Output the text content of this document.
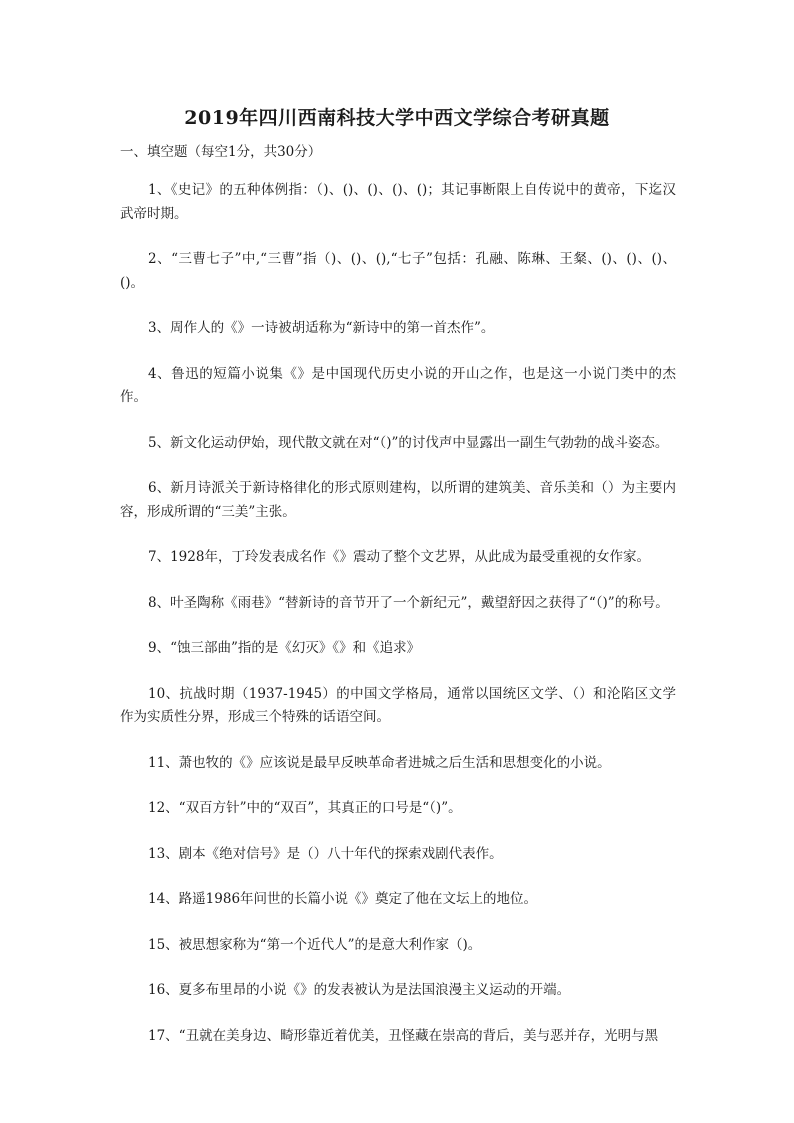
2019年四川西南科技大学中西文学综合考研真题

一、填空题（每空1分，共30分）

1、《史记》的五种体例指：（)、()、()、()、()；其记事断限上自传说中的黄帝，下迄汉武帝时期。

2、“三曹七子”中,“三曹”指（)、()、(),“七子”包括：孔融、陈琳、王粲、()、()、()、()。

3、周作人的《》一诗被胡适称为“新诗中的第一首杰作”。

4、鲁迅的短篇小说集《》是中国现代历史小说的开山之作，也是这一小说门类中的杰作。

5、新文化运动伊始，现代散文就在对“（)”的讨伐声中显露出一副生气勃勃的战斗姿态。

6、新月诗派关于新诗格律化的形式原则建构，以所谓的建筑美、音乐美和（）为主要内容，形成所谓的“三美”主张。

7、1928年，丁玲发表成名作《》震动了整个文艺界，从此成为最受重视的女作家。

8、叶圣陶称《雨巷》“替新诗的音节开了一个新纪元”，戴望舒因之获得了“（)”的称号。

9、“蚀三部曲”指的是《幻灭》《》和《追求》

10、抗战时期（1937-1945）的中国文学格局，通常以国统区文学、（）和沦陷区文学作为实质性分界，形成三个特殊的话语空间。

11、萧也牧的《》应该说是最早反映革命者进城之后生活和思想变化的小说。

12、“双百方针”中的“双百”，其真正的口号是“（)”。

13、剧本《绝对信号》是（）八十年代的探索戏剧代表作。

14、路遥1986年问世的长篇小说《》奠定了他在文坛上的地位。

15、被思想家称为“第一个近代人”的是意大利作家（)。

16、夏多布里昂的小说《》的发表被认为是法国浪漫主义运动的开端。

17、“丑就在美身边、畸形靠近着优美，丑怪藏在崇高的背后，美与恶并存，光明与黑
